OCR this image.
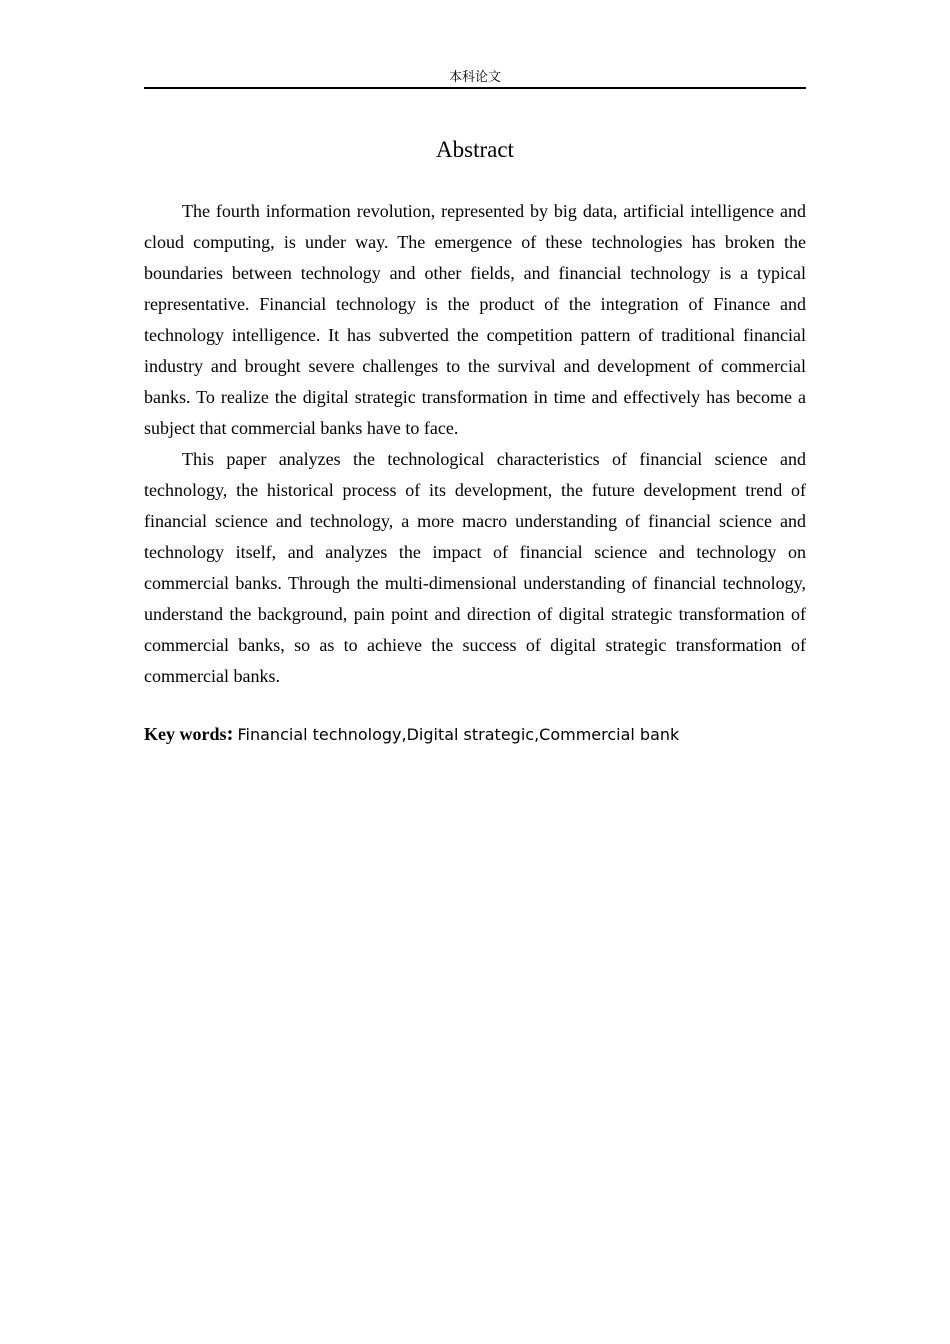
本科论文
Abstract

The fourth information revolution, represented by big data, artificial intelligence and cloud computing, is under way. The emergence of these technologies has broken the boundaries between technology and other fields, and financial technology is a typical representative. Financial technology is the product of the integration of Finance and technology intelligence. It has subverted the competition pattern of traditional financial industry and brought severe challenges to the survival and development of commercial banks. To realize the digital strategic transformation in time and effectively has become a subject that commercial banks have to face.

This paper analyzes the technological characteristics of financial science and technology, the historical process of its development, the future development trend of financial science and technology, a more macro understanding of financial science and technology itself, and analyzes the impact of financial science and technology on commercial banks. Through the multi-dimensional understanding of financial technology, understand the background, pain point and direction of digital strategic transformation of commercial banks, so as to achieve the success of digital strategic transformation of commercial banks.

Key words: Financial technology,Digital strategic,Commercial bank
